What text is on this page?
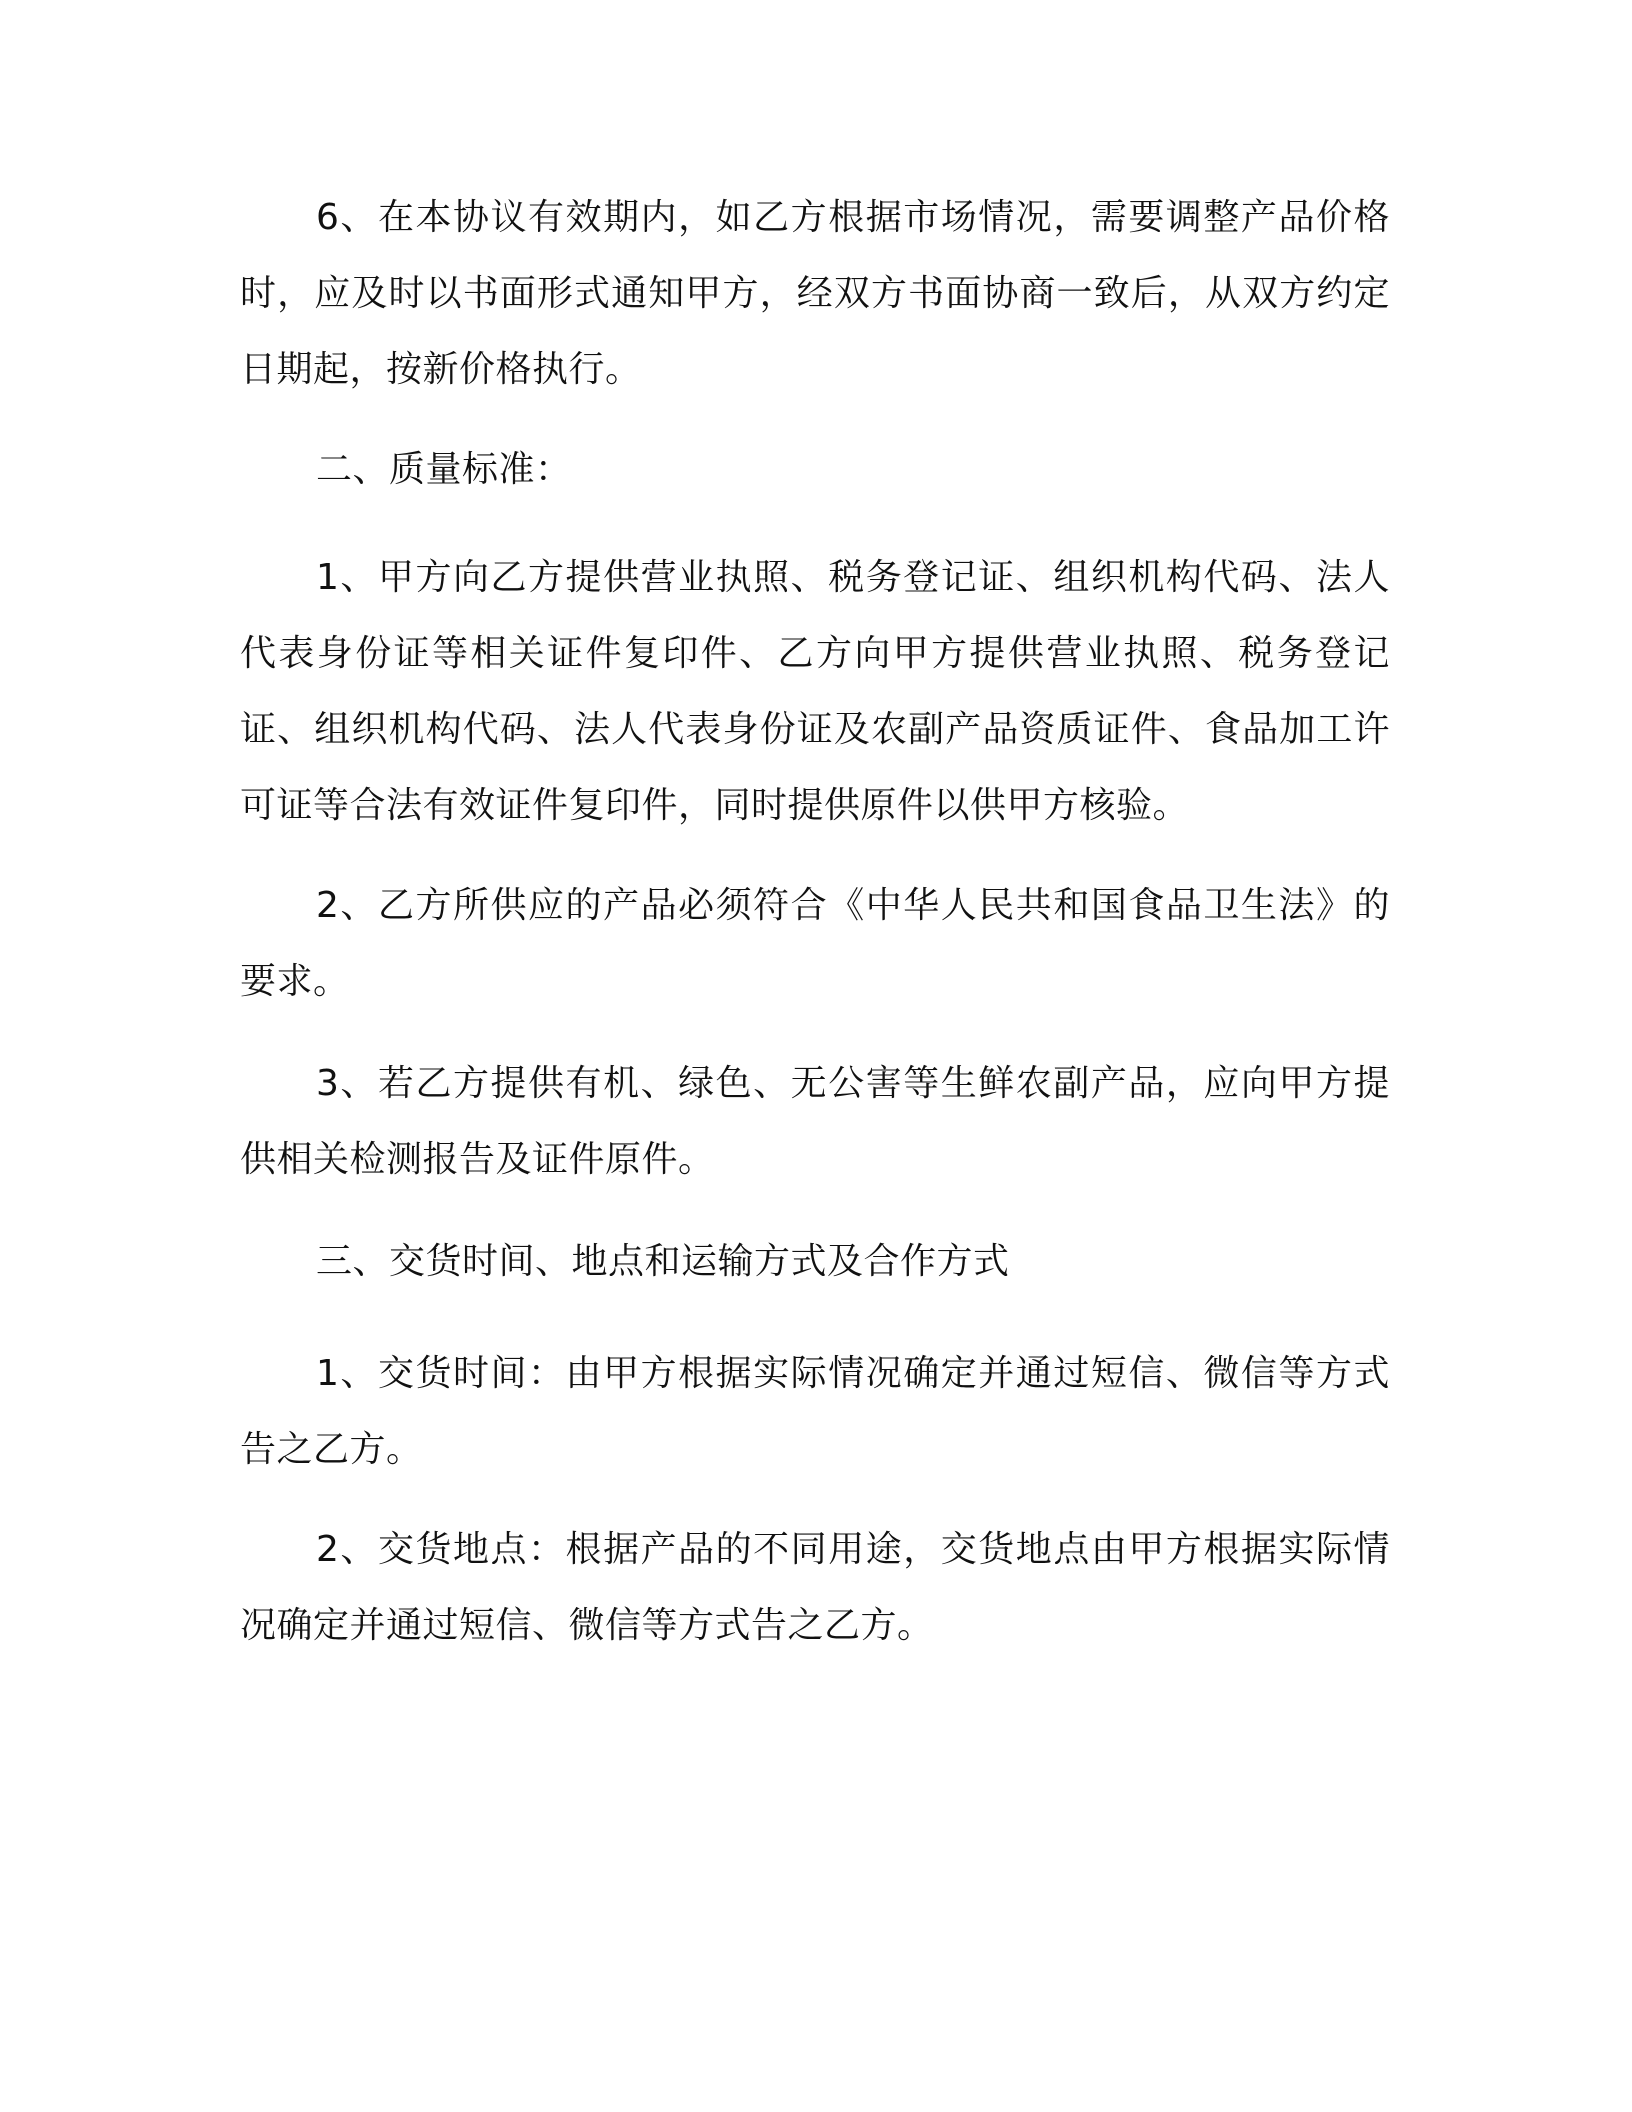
6、在本协议有效期内，如乙方根据市场情况，需要调整产品价格时，应及时以书面形式通知甲方，经双方书面协商一致后，从双方约定日期起，按新价格执行。

二、质量标准：

1、甲方向乙方提供营业执照、税务登记证、组织机构代码、法人代表身份证等相关证件复印件、乙方向甲方提供营业执照、税务登记证、组织机构代码、法人代表身份证及农副产品资质证件、食品加工许可证等合法有效证件复印件，同时提供原件以供甲方核验。

2、乙方所供应的产品必须符合《中华人民共和国食品卫生法》的要求。

3、若乙方提供有机、绿色、无公害等生鲜农副产品，应向甲方提供相关检测报告及证件原件。

三、交货时间、地点和运输方式及合作方式

1、交货时间：由甲方根据实际情况确定并通过短信、微信等方式告之乙方。

2、交货地点：根据产品的不同用途，交货地点由甲方根据实际情况确定并通过短信、微信等方式告之乙方。
